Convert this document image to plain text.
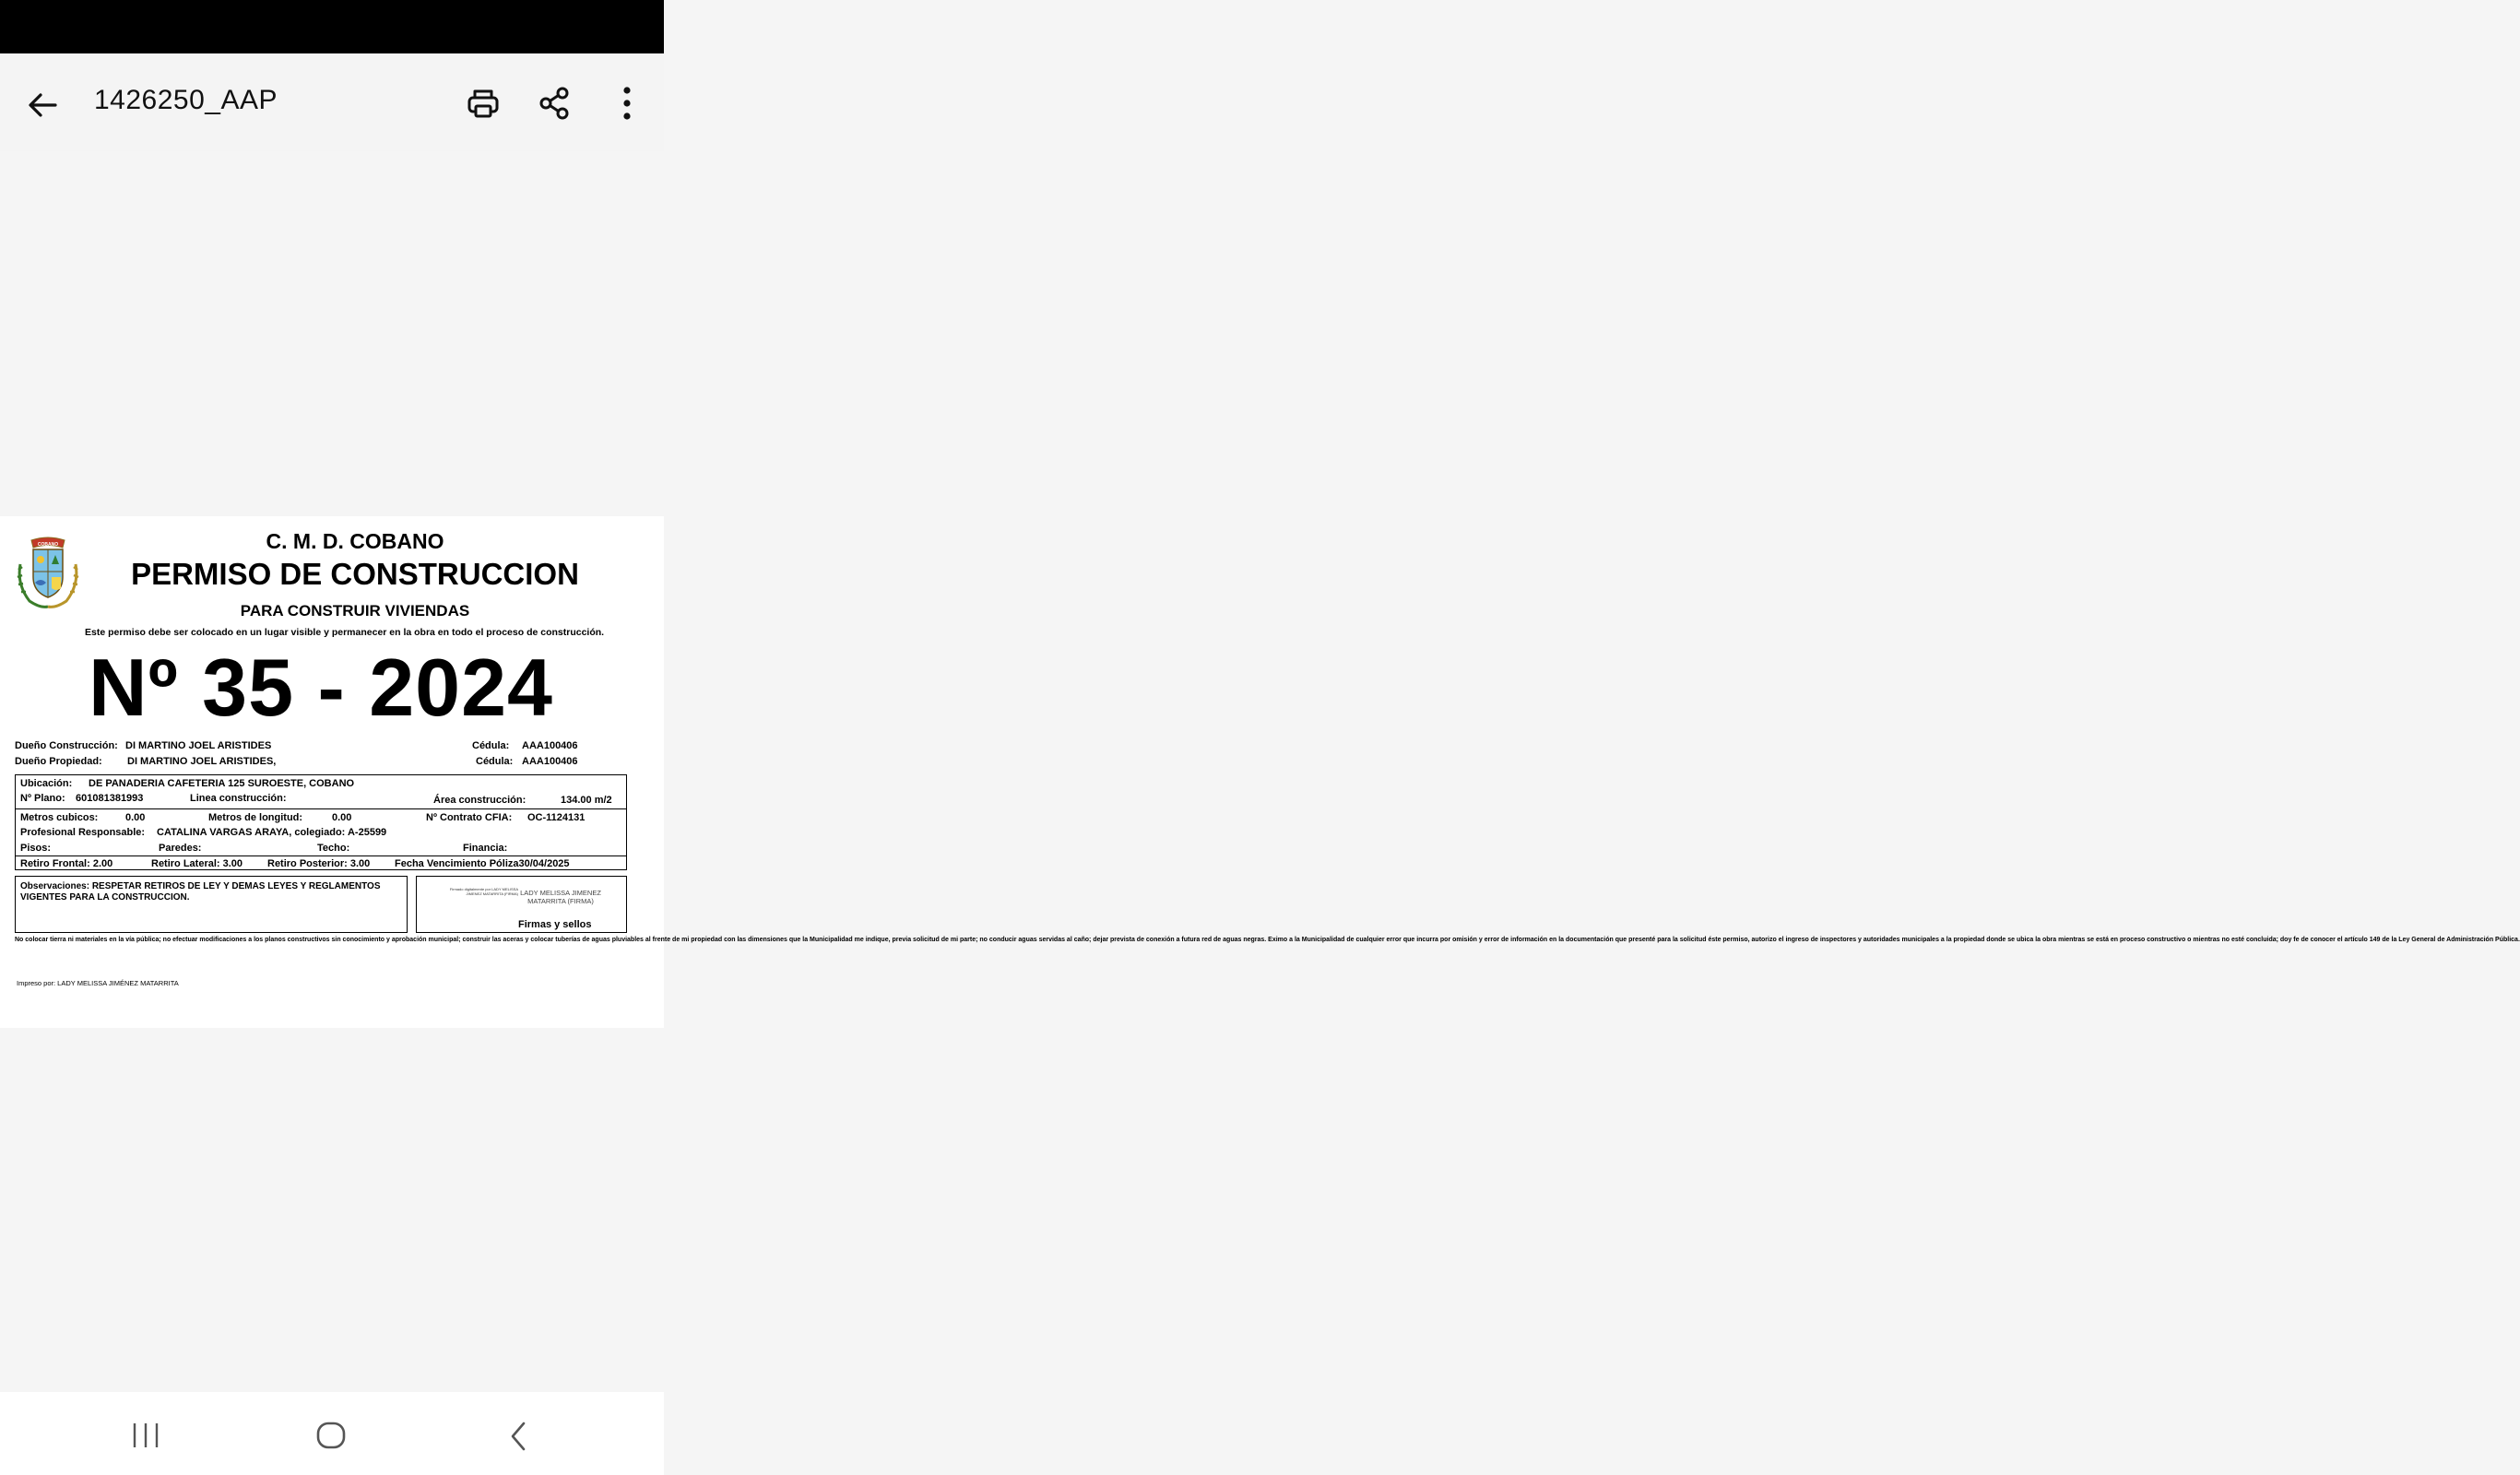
1426250_AAP
COBANO	C. M. D. COBANO
PERMISO DE CONSTRUCCION
PARA CONSTRUIR VIVIENDAS
Este permiso debe ser colocado en un lugar visible y permanecer en la obra en todo el proceso de construcción.
Nº 35 - 2024
Dueño Construcción: DI MARTINO JOEL ARISTIDES	Cédula: AAA100406
Dueño Propiedad: DI MARTINO JOEL ARISTIDES,	Cédula: AAA100406
Ubicación: DE PANADERIA CAFETERIA 125 SUROESTE, COBANO
Nº Plano: 601081381993	Linea construcción:	Área construcción:	134.00 m/2
Metros cubicos:	0.00	Metros de longitud:	0.00	Nº Contrato CFIA: OC-1124131
Profesional Responsable: CATALINA VARGAS ARAYA, colegiado: A-25599
Pisos:	Paredes:	Techo:	Financia:
Retiro Frontal: 2.00	Retiro Lateral: 3.00 Retiro Posterior: 3.00 Fecha Vencimiento Póliza30/04/2025
Observaciones: RESPETAR RETIROS DE LEY Y DEMAS LEYES Y REGLAMENTOS VIGENTES PARA LA CONSTRUCCION.
Firmado digitalmente por LADY MELISSA JIMENEZ MATARRITA (FIRMA) LADY MELISSA JIMENEZ MATARRITA (FIRMA)
Firmas y sellos
No colocar tierra ni materiales en la vía pública; no efectuar modificaciones a los planos constructivos sin conocimiento y aprobación municipal; construir las aceras y colocar tuberías de aguas pluviables al frente de mi propiedad con las dimensiones que la Municipalidad me indique, previa solicitud de mi parte; no conducir aguas servidas al caño; dejar prevista de conexión a futura red de aguas negras. Eximo a la Municipalidad de cualquier error que incurra por omisión y error de información en la documentación que presenté para la solicitud éste permiso, autorizo el ingreso de inspectores y autoridades municipales a la propiedad donde se ubica la obra mientras se está en proceso constructivo o mientras no esté concluida; doy fe de conocer el artículo 149 de la Ley General de Administración Pública.
Impreso por: LADY MELISSA JIMÉNEZ MATARRITA
